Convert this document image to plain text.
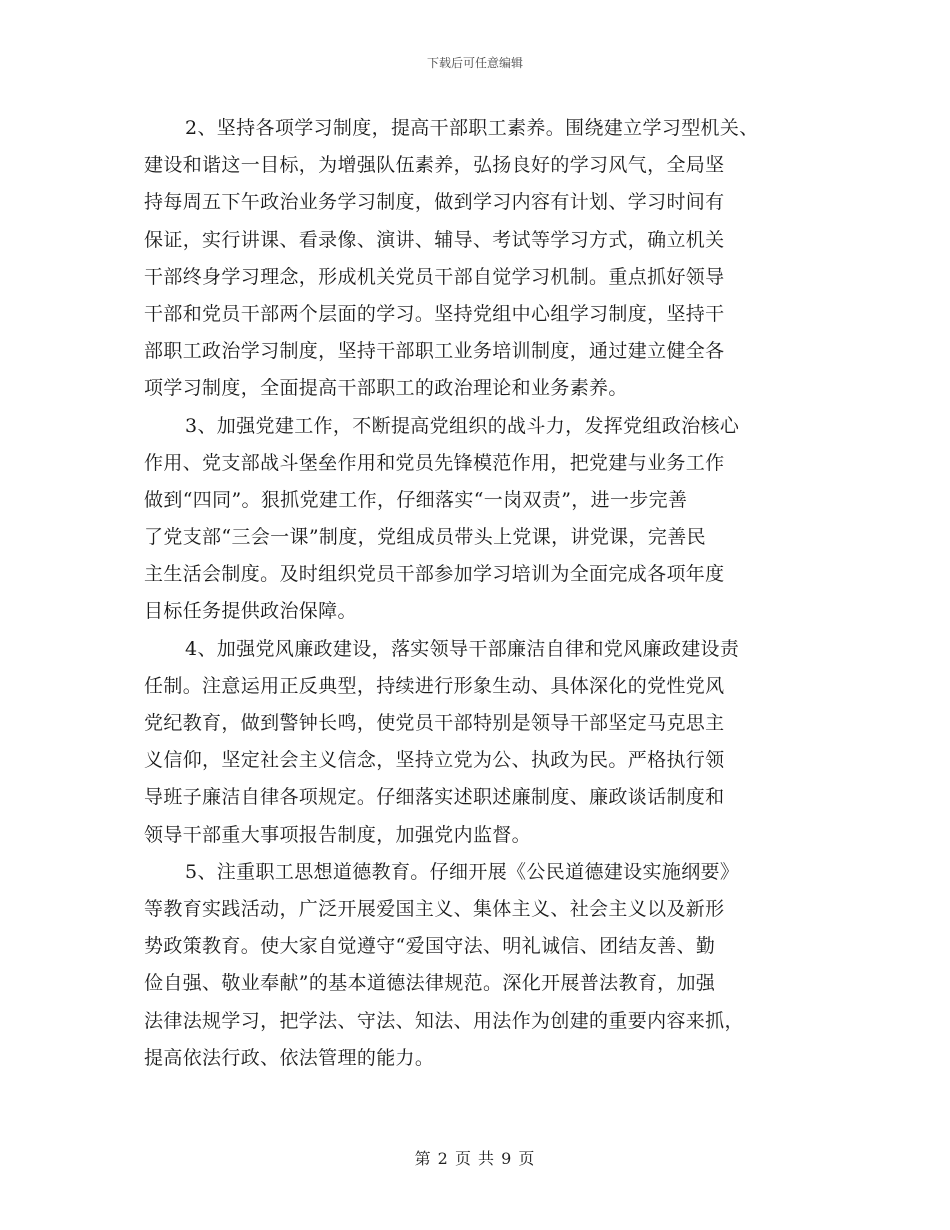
下载后可任意编辑
2、坚持各项学习制度，提高干部职工素养。围绕建立学习型机关、
建设和谐这一目标，为增强队伍素养，弘扬良好的学习风气，全局坚
持每周五下午政治业务学习制度，做到学习内容有计划、学习时间有
保证，实行讲课、看录像、演讲、辅导、考试等学习方式，确立机关
干部终身学习理念，形成机关党员干部自觉学习机制。重点抓好领导
干部和党员干部两个层面的学习。坚持党组中心组学习制度，坚持干
部职工政治学习制度，坚持干部职工业务培训制度，通过建立健全各
项学习制度，全面提高干部职工的政治理论和业务素养。
3、加强党建工作，不断提高党组织的战斗力，发挥党组政治核心
作用、党支部战斗堡垒作用和党员先锋模范作用，把党建与业务工作
做到“四同”。狠抓党建工作，仔细落实“一岗双责”，进一步完善
了党支部“三会一课”制度，党组成员带头上党课，讲党课，完善民
主生活会制度。及时组织党员干部参加学习培训为全面完成各项年度
目标任务提供政治保障。
4、加强党风廉政建设，落实领导干部廉洁自律和党风廉政建设责
任制。注意运用正反典型，持续进行形象生动、具体深化的党性党风
党纪教育，做到警钟长鸣，使党员干部特别是领导干部坚定马克思主
义信仰，坚定社会主义信念，坚持立党为公、执政为民。严格执行领
导班子廉洁自律各项规定。仔细落实述职述廉制度、廉政谈话制度和
领导干部重大事项报告制度，加强党内监督。
5、注重职工思想道德教育。仔细开展《公民道德建设实施纲要》
等教育实践活动，广泛开展爱国主义、集体主义、社会主义以及新形
势政策教育。使大家自觉遵守“爱国守法、明礼诚信、团结友善、勤
俭自强、敬业奉献”的基本道德法律规范。深化开展普法教育，加强
法律法规学习，把学法、守法、知法、用法作为创建的重要内容来抓，
提高依法行政、依法管理的能力。
第 2 页 共 9 页
